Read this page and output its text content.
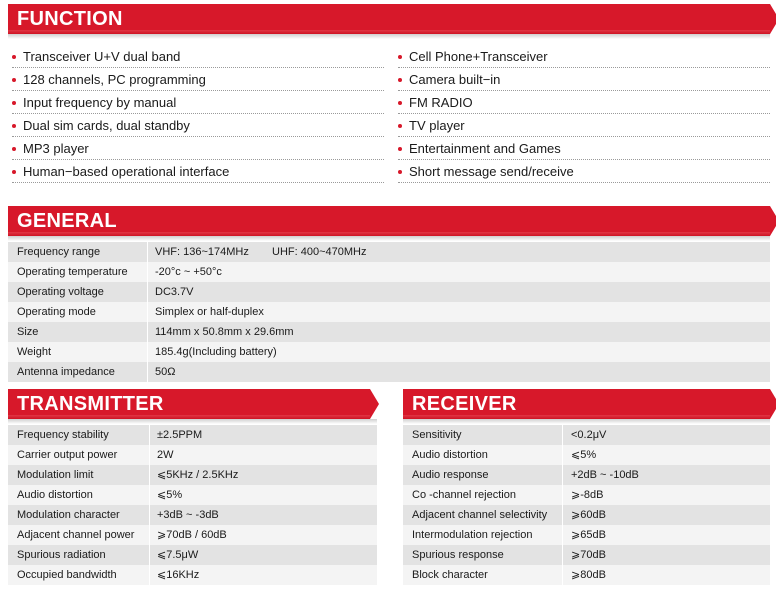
FUNCTION
Transceiver U+V dual band
128 channels, PC programming
Input frequency by manual
Dual sim cards, dual standby
MP3 player
Human−based operational interface
Cell Phone+Transceiver
Camera built−in
FM RADIO
TV player
Entertainment and Games
Short message send/receive
GENERAL
Frequency range	VHF: 136~174MHz UHF: 400~470MHz
Operating temperature -20°c ~ +50°c
Operating voltage	DC3.7V
Operating mode	Simplex or half-duplex
Size	114mm x 50.8mm x 29.6mm
Weight	185.4g(Including battery)
Antenna impedance	50Ω
TRANSMITTER
Frequency stability	±2.5PPM
Carrier output power	2W
Modulation limit	⩽5KHz / 2.5KHz
Audio distortion	⩽5%
Modulation character	+3dB ~ -3dB
Adjacent channel power ⩾70dB / 60dB
Spurious radiation	⩽7.5μW
Occupied bandwidth	⩽16KHz
RECEIVER
Sensitivity	<0.2μV
Audio distortion	⩽5%
Audio response	+2dB ~ -10dB
Co -channel rejection	⩾-8dB
Adjacent channel selectivity ⩾60dB
Intermodulation rejection	⩾65dB
Spurious response	⩾70dB
Block character	⩾80dB
